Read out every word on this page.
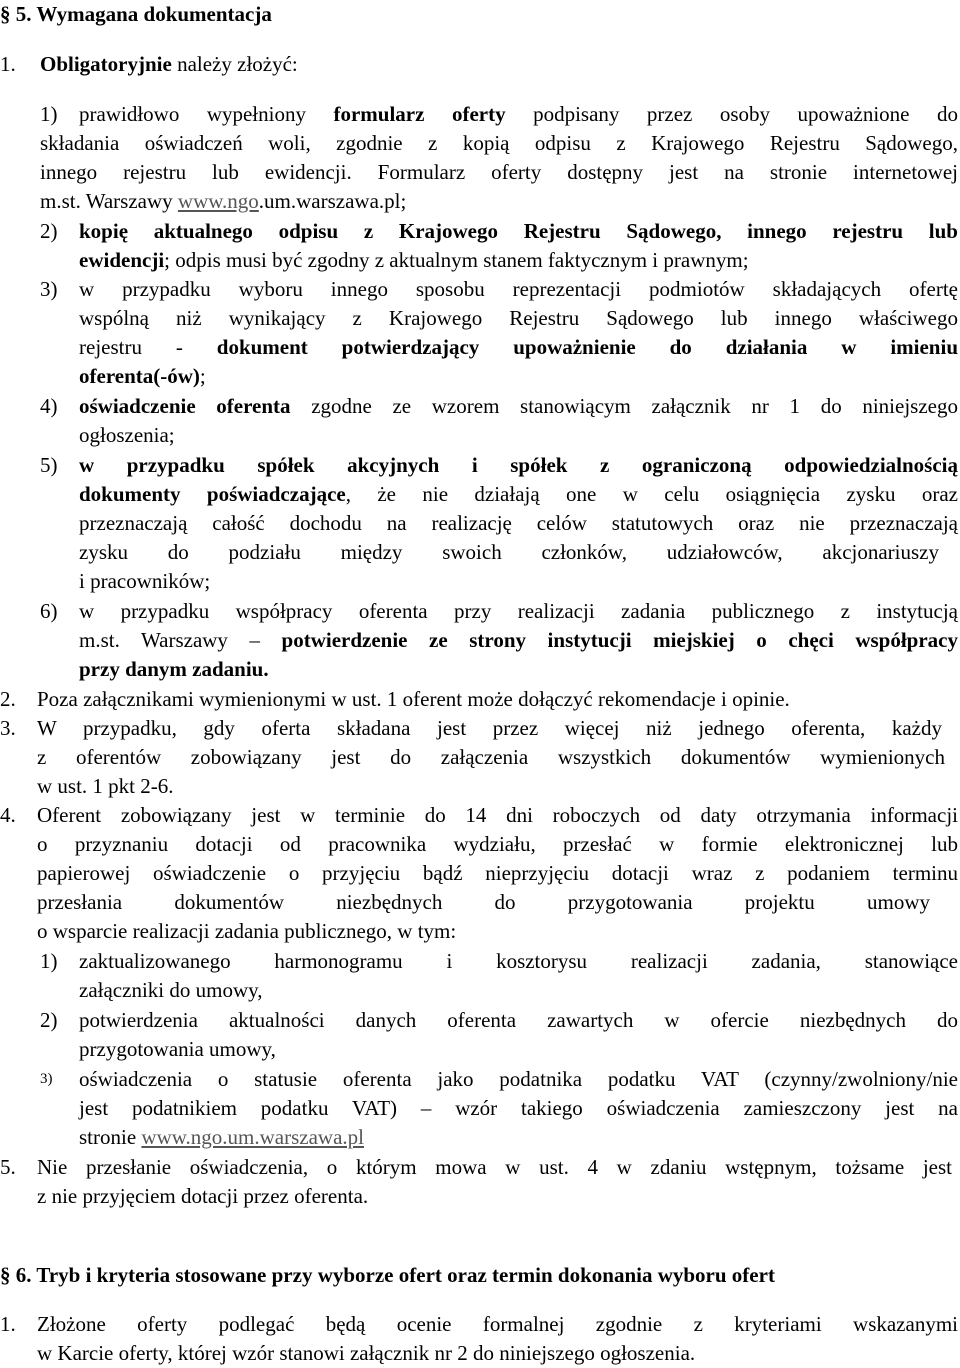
§ 5. Wymagana dokumentacja
1. Obligatoryjnie należy złożyć:
1) prawidłowo wypełniony formularz oferty podpisany przez osoby upoważnione do
składania oświadczeń woli, zgodnie z kopią odpisu z Krajowego Rejestru Sądowego,
innego rejestru lub ewidencji. Formularz oferty dostępny jest na stronie internetowej
m.st. Warszawy www.ngo.um.warszawa.pl;
2) kopię aktualnego odpisu z Krajowego Rejestru Sądowego, innego rejestru lub
ewidencji; odpis musi być zgodny z aktualnym stanem faktycznym i prawnym;
3) w przypadku wyboru innego sposobu reprezentacji podmiotów składających ofertę
wspólną niż wynikający z Krajowego Rejestru Sądowego lub innego właściwego
rejestru - dokument potwierdzający upoważnienie do działania w imieniu
oferenta(-ów);
4) oświadczenie oferenta zgodne ze wzorem stanowiącym załącznik nr 1 do niniejszego
ogłoszenia;
5) w przypadku spółek akcyjnych i spółek z ograniczoną odpowiedzialnością
dokumenty poświadczające, że nie działają one w celu osiągnięcia zysku oraz
przeznaczają całość dochodu na realizację celów statutowych oraz nie przeznaczają
zysku do podziału między swoich członków, udziałowców, akcjonariuszy
i pracowników;
6) w przypadku współpracy oferenta przy realizacji zadania publicznego z instytucją
m.st. Warszawy – potwierdzenie ze strony instytucji miejskiej o chęci współpracy
przy danym zadaniu.
2. Poza załącznikami wymienionymi w ust. 1 oferent może dołączyć rekomendacje i opinie.
3. W przypadku, gdy oferta składana jest przez więcej niż jednego oferenta, każdy
z oferentów zobowiązany jest do załączenia wszystkich dokumentów wymienionych
w ust. 1 pkt 2-6.
4. Oferent zobowiązany jest w terminie do 14 dni roboczych od daty otrzymania informacji
o przyznaniu dotacji od pracownika wydziału, przesłać w formie elektronicznej lub
papierowej oświadczenie o przyjęciu bądź nieprzyjęciu dotacji wraz z podaniem terminu
przesłania dokumentów niezbędnych do przygotowania projektu umowy
o wsparcie realizacji zadania publicznego, w tym:
1) zaktualizowanego harmonogramu i kosztorysu realizacji zadania, stanowiące
załączniki do umowy,
2) potwierdzenia aktualności danych oferenta zawartych w ofercie niezbędnych do
przygotowania umowy,
3) oświadczenia o statusie oferenta jako podatnika podatku VAT (czynny/zwolniony/nie
jest podatnikiem podatku VAT) – wzór takiego oświadczenia zamieszczony jest na
stronie www.ngo.um.warszawa.pl
5. Nie przesłanie oświadczenia, o którym mowa w ust. 4 w zdaniu wstępnym, tożsame jest
z nie przyjęciem dotacji przez oferenta.
§ 6. Tryb i kryteria stosowane przy wyborze ofert oraz termin dokonania wyboru ofert
1. Złożone oferty podlegać będą ocenie formalnej zgodnie z kryteriami wskazanymi
w Karcie oferty, której wzór stanowi załącznik nr 2 do niniejszego ogłoszenia.
